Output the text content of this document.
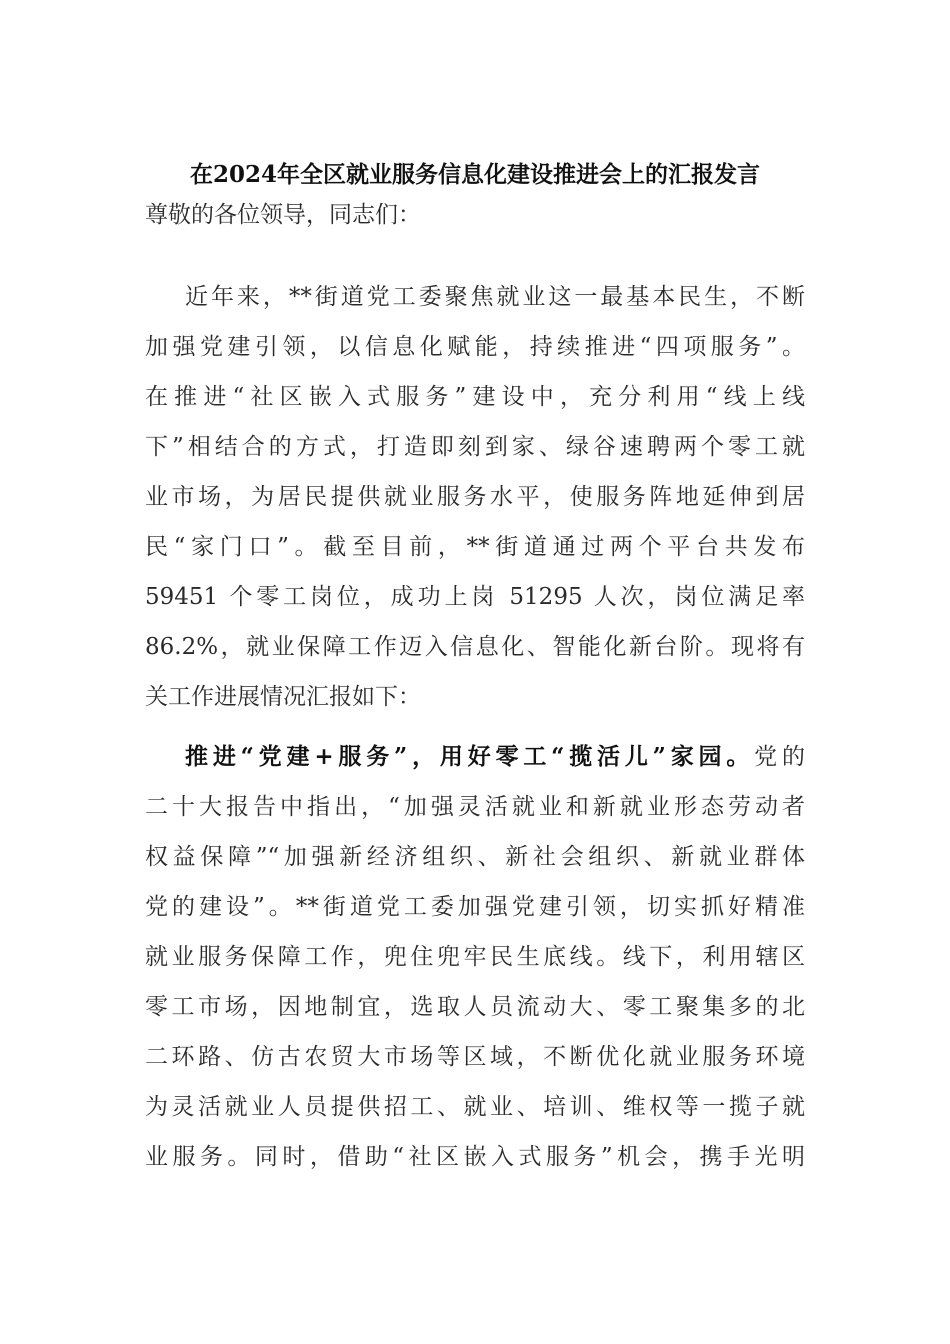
在2024年全区就业服务信息化建设推进会上的汇报发言
尊敬的各位领导，同志们：
近年来，**街道党工委聚焦就业这一最基本民生，不断
加强党建引领，以信息化赋能，持续推进“四项服务”。
在推进“社区嵌入式服务”建设中，充分利用“线上线
下”相结合的方式，打造即刻到家、绿谷速聘两个零工就
业市场，为居民提供就业服务水平，使服务阵地延伸到居
民“家门口”。截至目前，**街道通过两个平台共发布
59451 个零工岗位，成功上岗 51295 人次，岗位满足率
86.2%，就业保障工作迈入信息化、智能化新台阶。现将有
关工作进展情况汇报如下：
推进“党建+服务”，用好零工“揽活儿”家园。党的
二十大报告中指出，“加强灵活就业和新就业形态劳动者
权益保障”“加强新经济组织、新社会组织、新就业群体
党的建设”。**街道党工委加强党建引领，切实抓好精准
就业服务保障工作，兜住兜牢民生底线。线下，利用辖区
零工市场，因地制宜，选取人员流动大、零工聚集多的北
二环路、仿古农贸大市场等区域，不断优化就业服务环境
为灵活就业人员提供招工、就业、培训、维权等一揽子就
业服务。同时，借助“社区嵌入式服务”机会，携手光明
